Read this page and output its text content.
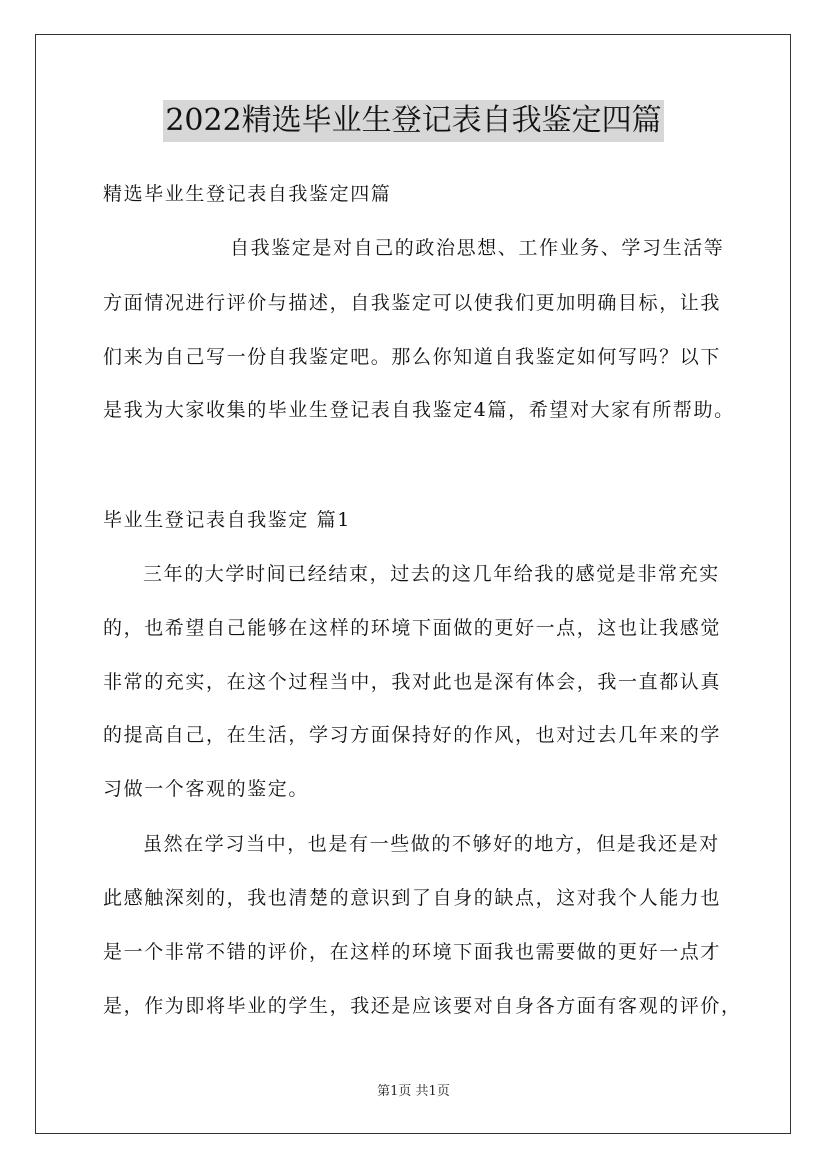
2022精选毕业生登记表自我鉴定四篇
精选毕业生登记表自我鉴定四篇
自我鉴定是对自己的政治思想、工作业务、学习生活等
方面情况进行评价与描述，自我鉴定可以使我们更加明确目标，让我
们来为自己写一份自我鉴定吧。那么你知道自我鉴定如何写吗？以下
是我为大家收集的毕业生登记表自我鉴定4篇，希望对大家有所帮助。
毕业生登记表自我鉴定 篇1
三年的大学时间已经结束，过去的这几年给我的感觉是非常充实
的，也希望自己能够在这样的环境下面做的更好一点，这也让我感觉
非常的充实，在这个过程当中，我对此也是深有体会，我一直都认真
的提高自己，在生活，学习方面保持好的作风，也对过去几年来的学
习做一个客观的鉴定。
虽然在学习当中，也是有一些做的不够好的地方，但是我还是对
此感触深刻的，我也清楚的意识到了自身的缺点，这对我个人能力也
是一个非常不错的评价，在这样的环境下面我也需要做的更好一点才
是，作为即将毕业的学生，我还是应该要对自身各方面有客观的评价，
第1页 共1页
